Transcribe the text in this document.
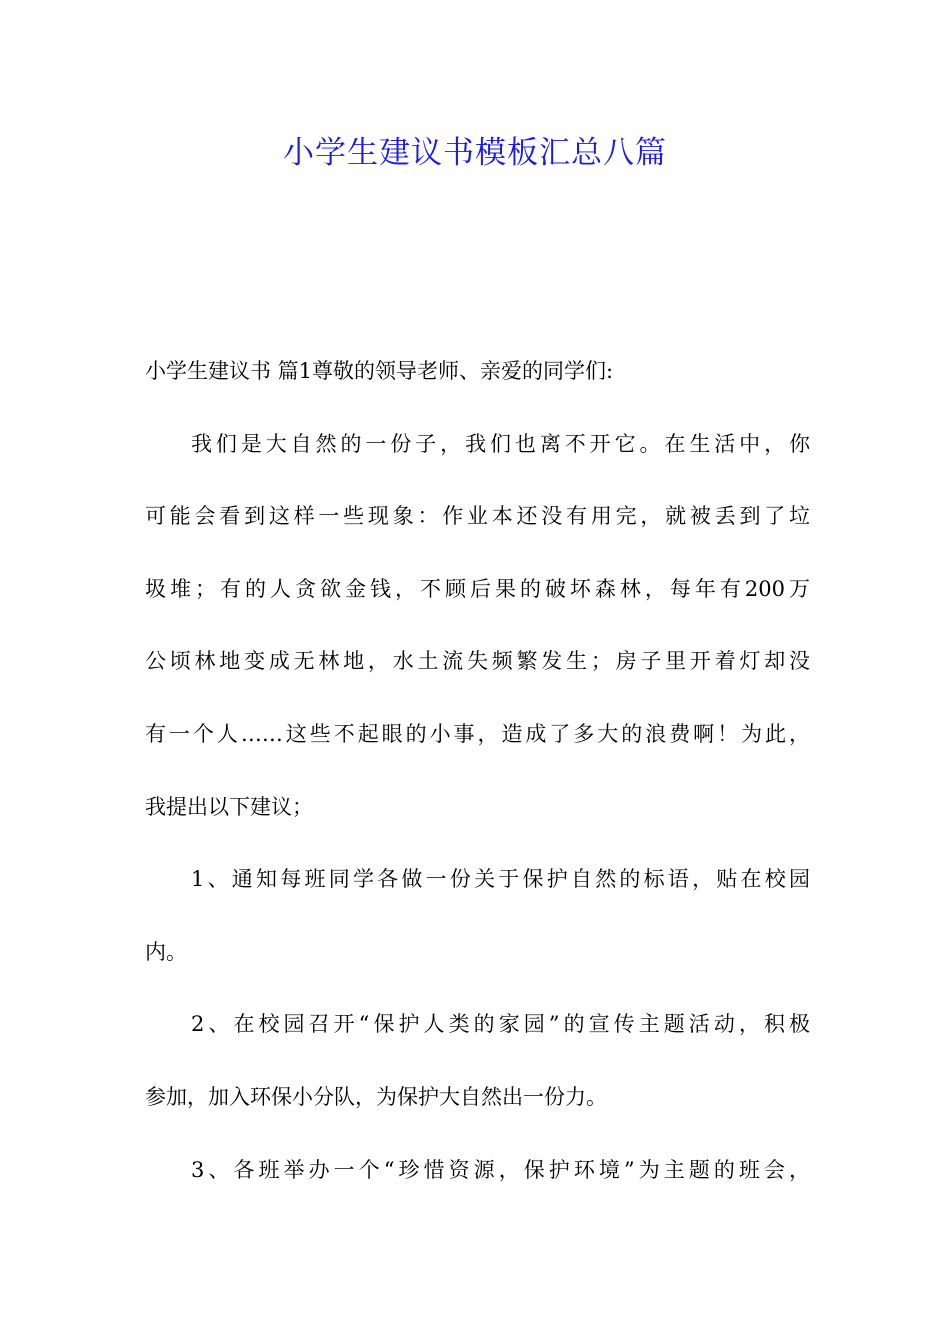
小学生建议书模板汇总八篇
小学生建议书 篇1尊敬的领导老师、亲爱的同学们:
我们是大自然的一份子，我们也离不开它。在生活中，你
可能会看到这样一些现象：作业本还没有用完，就被丢到了垃
圾堆；有的人贪欲金钱，不顾后果的破坏森林，每年有200万
公顷林地变成无林地，水土流失频繁发生；房子里开着灯却没
有一个人……这些不起眼的小事，造成了多大的浪费啊！为此，
我提出以下建议；
1、通知每班同学各做一份关于保护自然的标语，贴在校园
内。
2、在校园召开“保护人类的家园”的宣传主题活动，积极
参加，加入环保小分队，为保护大自然出一份力。
3、各班举办一个“珍惜资源，保护环境”为主题的班会，
